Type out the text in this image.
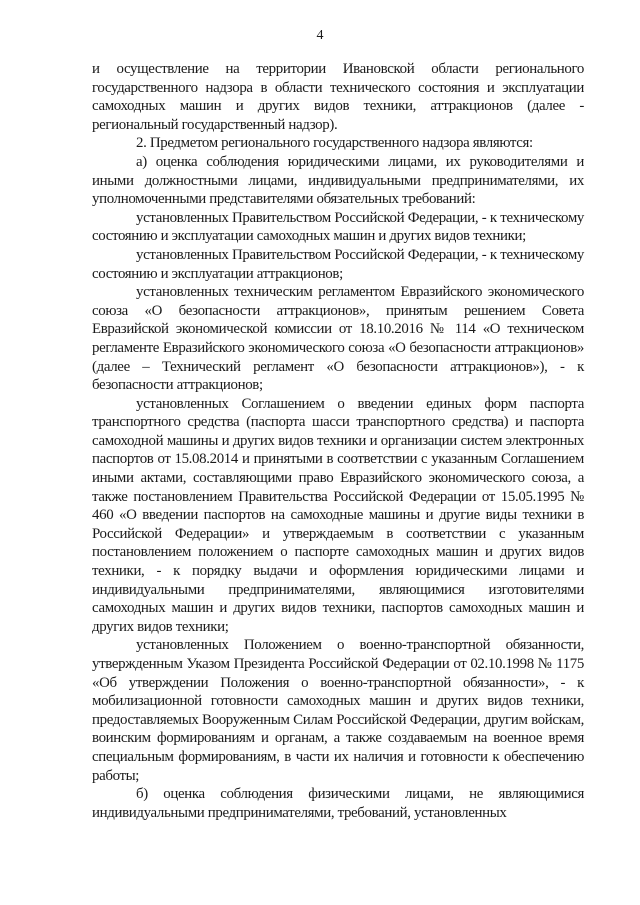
4

и осуществление на территории Ивановской области регионального государственного надзора в области технического состояния и эксплуатации самоходных машин и других видов техники, аттракционов (далее - региональный государственный надзор).

2. Предметом регионального государственного надзора являются:

а) оценка соблюдения юридическими лицами, их руководителями и иными должностными лицами, индивидуальными предпринимателями, их уполномоченными представителями обязательных требований:

установленных Правительством Российской Федерации, - к техническому состоянию и эксплуатации самоходных машин и других видов техники;

установленных Правительством Российской Федерации, - к техническому состоянию и эксплуатации аттракционов;

установленных техническим регламентом Евразийского экономического союза «О безопасности аттракционов», принятым решением Совета Евразийской экономической комиссии от 18.10.2016 № 114 «О техническом регламенте Евразийского экономического союза «О безопасности аттракционов» (далее – Технический регламент «О безопасности аттракционов»), - к безопасности аттракционов;

установленных Соглашением о введении единых форм паспорта транспортного средства (паспорта шасси транспортного средства) и паспорта самоходной машины и других видов техники и организации систем электронных паспортов от 15.08.2014 и принятыми в соответствии с указанным Соглашением иными актами, составляющими право Евразийского экономического союза, а также постановлением Правительства Российской Федерации от 15.05.1995 № 460 «О введении паспортов на самоходные машины и другие виды техники в Российской Федерации» и утверждаемым в соответствии с указанным постановлением положением о паспорте самоходных машин и других видов техники, - к порядку выдачи и оформления юридическими лицами и индивидуальными предпринимателями, являющимися изготовителями самоходных машин и других видов техники, паспортов самоходных машин и других видов техники;

установленных Положением о военно-транспортной обязанности, утвержденным Указом Президента Российской Федерации от 02.10.1998 № 1175 «Об утверждении Положения о военно-транспортной обязанности», - к мобилизационной готовности самоходных машин и других видов техники, предоставляемых Вооруженным Силам Российской Федерации, другим войскам, воинским формированиям и органам, а также создаваемым на военное время специальным формированиям, в части их наличия и готовности к обеспечению работы;

б) оценка соблюдения физическими лицами, не являющимися индивидуальными предпринимателями, требований, установленных
